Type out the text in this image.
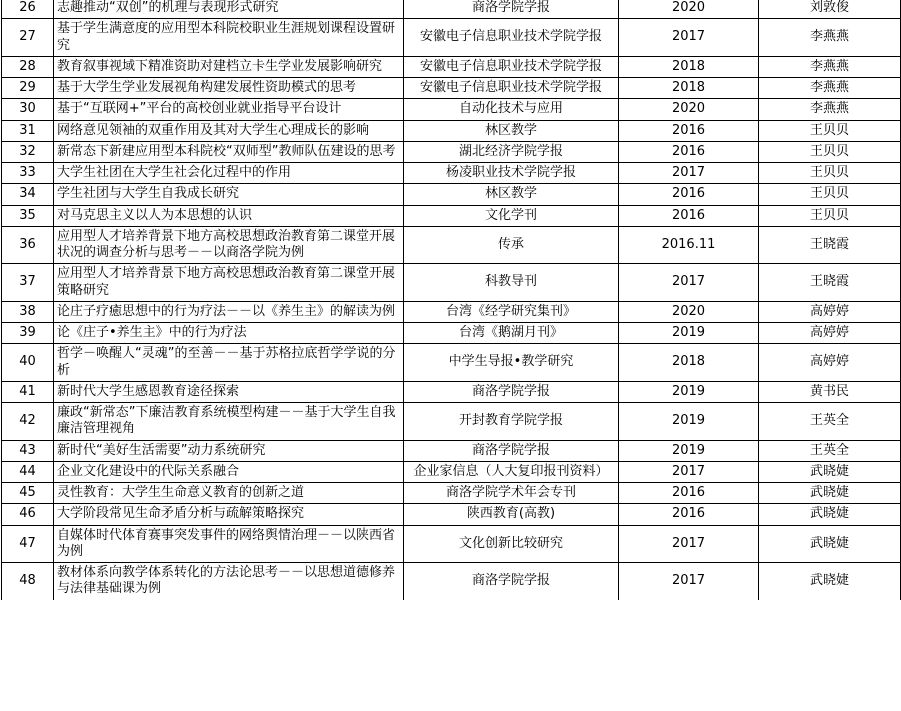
26	志趣推动“双创”的机理与表现形式研究	商洛学院学报	2020	刘敦俊
27	基于学生满意度的应用型本科院校职业生涯规划课程设置研究	安徽电子信息职业技术学院学报	2017	李燕燕
28	教育叙事视域下精准资助对建档立卡生学业发展影响研究	安徽电子信息职业技术学院学报	2018	李燕燕
29	基于大学生学业发展视角构建发展性资助模式的思考	安徽电子信息职业技术学院学报	2018	李燕燕
30	基于“互联网+”平台的高校创业就业指导平台设计	自动化技术与应用	2020	李燕燕
31	网络意见领袖的双重作用及其对大学生心理成长的影响	林区教学	2016	王贝贝
32	新常态下新建应用型本科院校“双师型”教师队伍建设的思考	湖北经济学院学报	2016	王贝贝
33	大学生社团在大学生社会化过程中的作用	杨凌职业技术学院学报	2017	王贝贝
34	学生社团与大学生自我成长研究	林区教学	2016	王贝贝
35	对马克思主义以人为本思想的认识	文化学刊	2016	王贝贝
36	应用型人才培养背景下地方高校思想政治教育第二课堂开展状况的调查分析与思考－－以商洛学院为例	传承	2016.11	王晓霞
37	应用型人才培养背景下地方高校思想政治教育第二课堂开展策略研究	科教导刊	2017	王晓霞
38	论庄子疗癒思想中的行为疗法－－以《养生主》的解读为例	台湾《经学研究集刊》	2020	高婷婷
39	论《庄子•养生主》中的行为疗法	台湾《鹅湖月刊》	2019	高婷婷
40	哲学－唤醒人“灵魂”的至善－－基于苏格拉底哲学学说的分析	中学生导报•教学研究	2018	高婷婷
41	新时代大学生感恩教育途径探索	商洛学院学报	2019	黄书民
42	廉政“新常态”下廉洁教育系统模型构建－－基于大学生自我廉洁管理视角	开封教育学院学报	2019	王英全
43	新时代“美好生活需要”动力系统研究	商洛学院学报	2019	王英全
44	企业文化建设中的代际关系融合	企业家信息（人大复印报刊资料）	2017	武晓婕
45	灵性教育：大学生生命意义教育的创新之道	商洛学院学术年会专刊	2016	武晓婕
46	大学阶段常见生命矛盾分析与疏解策略探究	陕西教育(高教)	2016	武晓婕
47	自媒体时代体育赛事突发事件的网络舆情治理－－以陕西省为例	文化创新比较研究	2017	武晓婕
48	教材体系向教学体系转化的方法论思考－－以思想道德修养与法律基础课为例	商洛学院学报	2017	武晓婕
